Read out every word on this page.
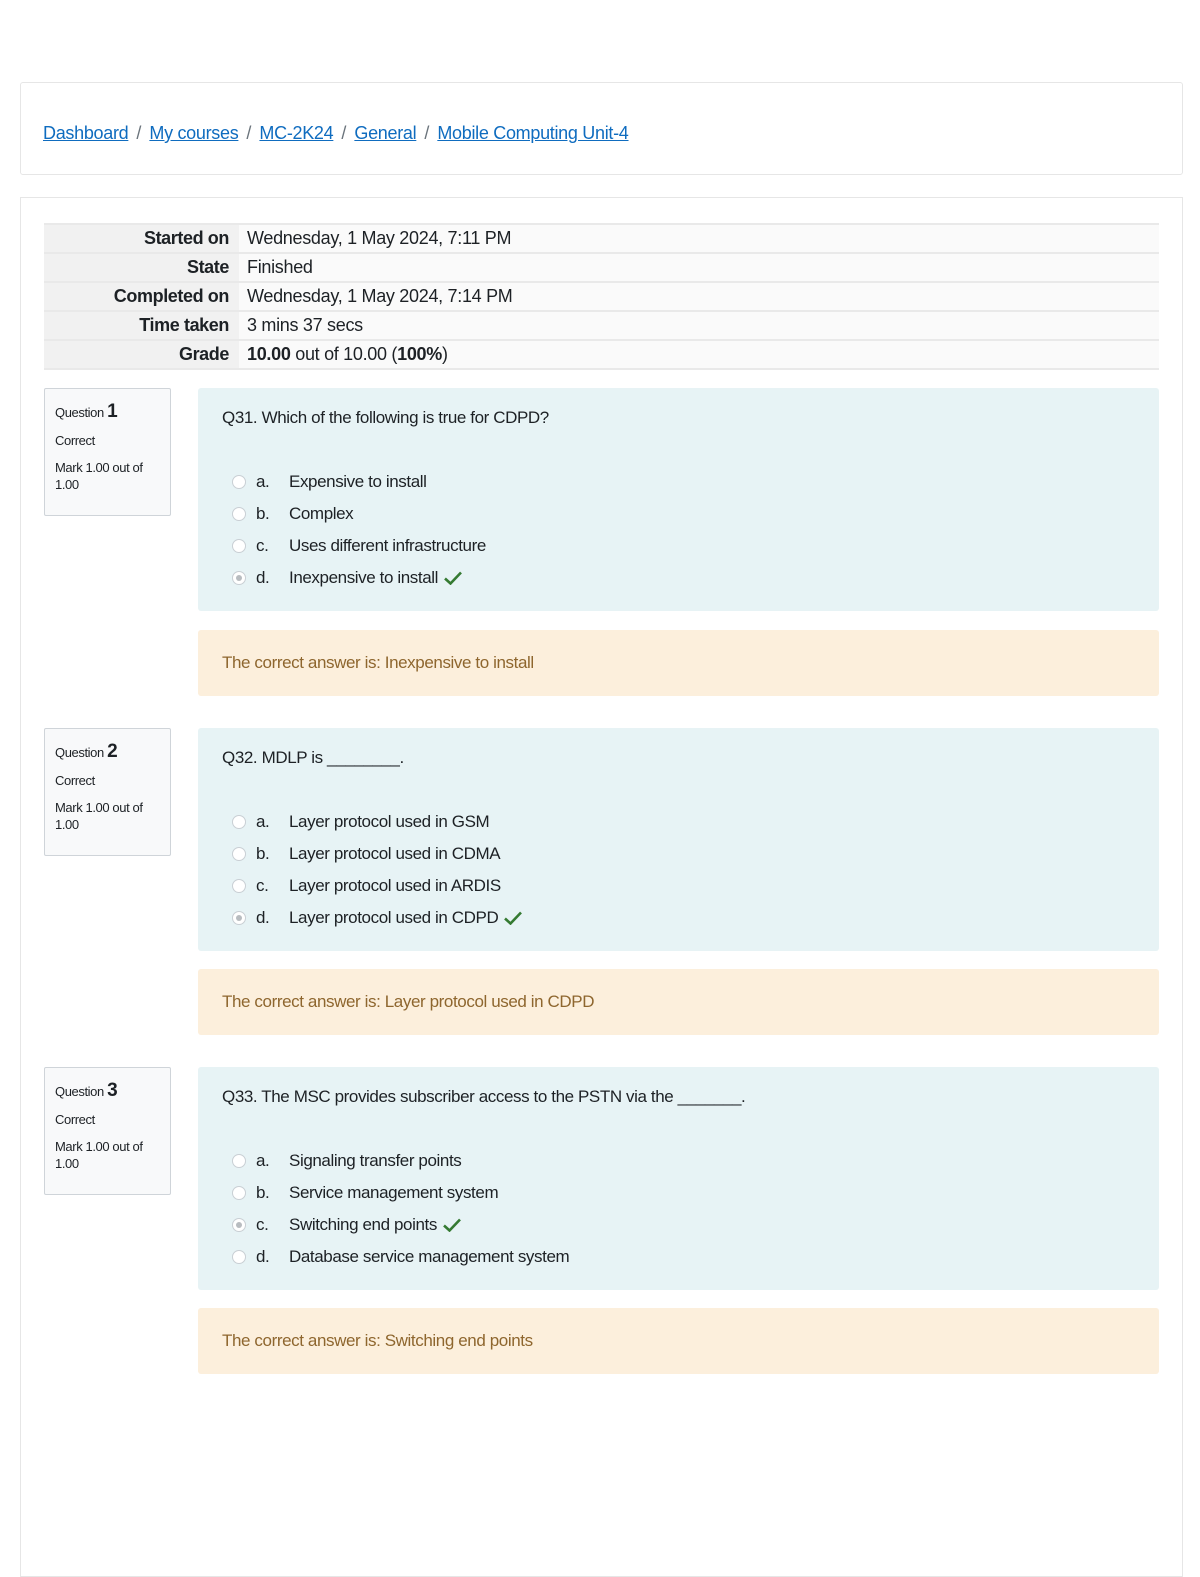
Dashboard / My courses / MC-2K24 / General / Mobile Computing Unit-4
Started on	Wednesday, 1 May 2024, 7:11 PM
State	Finished
Completed on	Wednesday, 1 May 2024, 7:14 PM
Time taken	3 mins 37 secs
Grade	10.00 out of 10.00 (100%)
Question 1
Correct
Mark 1.00 out of 1.00
Q31. Which of the following is true for CDPD?
a.	Expensive to install
b.	Complex
c.	Uses different infrastructure
d.	Inexpensive to install
The correct answer is: Inexpensive to install
Question 2
Correct
Mark 1.00 out of 1.00
Q32. MDLP is ________.
a.	Layer protocol used in GSM
b.	Layer protocol used in CDMA
c.	Layer protocol used in ARDIS
d.	Layer protocol used in CDPD
The correct answer is: Layer protocol used in CDPD
Question 3
Correct
Mark 1.00 out of 1.00
Q33. The MSC provides subscriber access to the PSTN via the _______.
a.	Signaling transfer points
b.	Service management system
c.	Switching end points
d.	Database service management system
The correct answer is: Switching end points
